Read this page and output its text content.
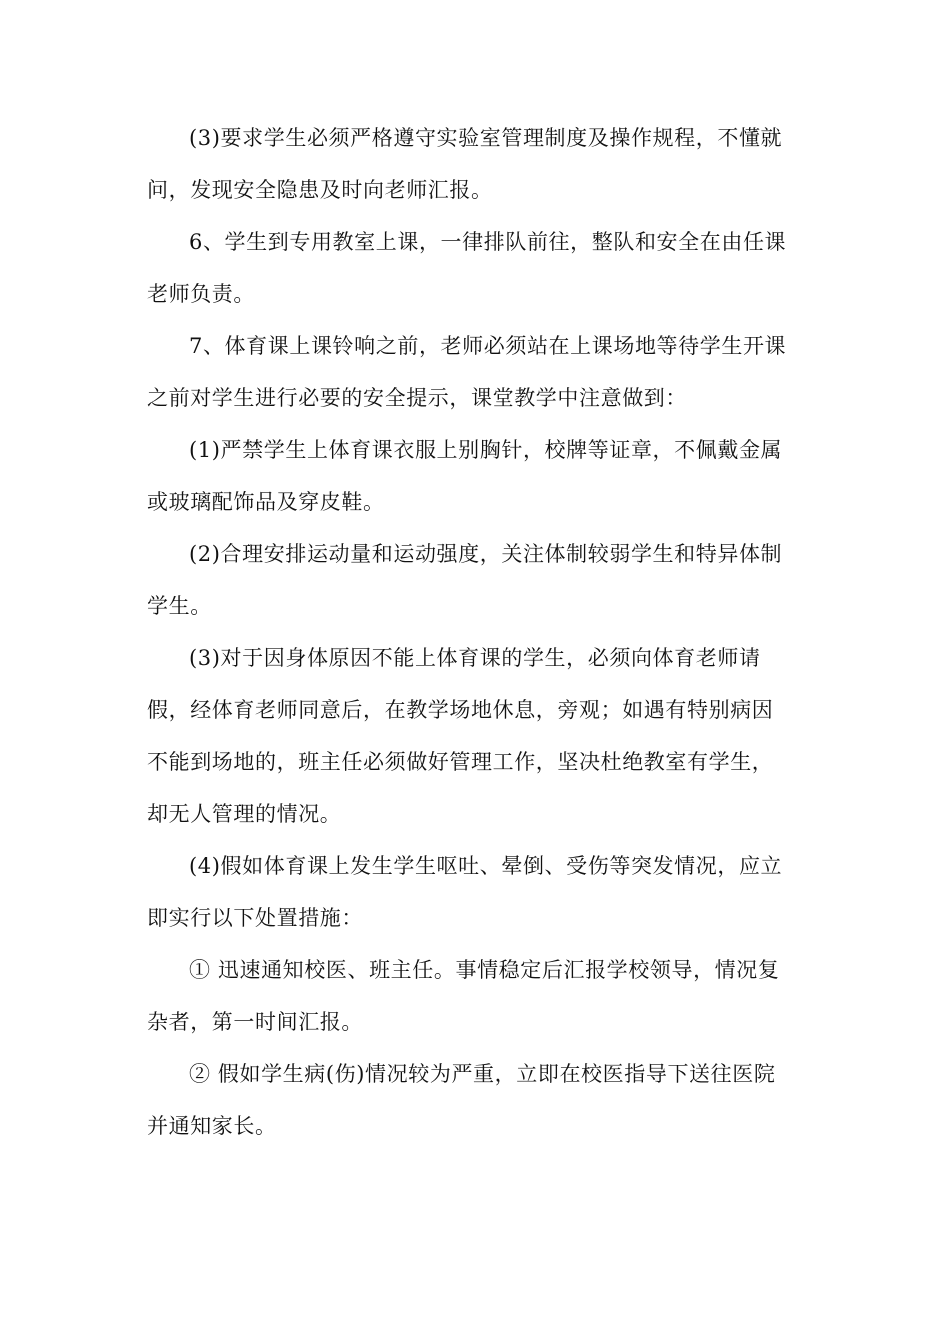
(3)要求学生必须严格遵守实验室管理制度及操作规程，不懂就
问，发现安全隐患及时向老师汇报。
6、学生到专用教室上课，一律排队前往，整队和安全在由任课
老师负责。
7、体育课上课铃响之前，老师必须站在上课场地等待学生开课
之前对学生进行必要的安全提示，课堂教学中注意做到：
(1)严禁学生上体育课衣服上别胸针，校牌等证章，不佩戴金属
或玻璃配饰品及穿皮鞋。
(2)合理安排运动量和运动强度，关注体制较弱学生和特异体制
学生。
(3)对于因身体原因不能上体育课的学生，必须向体育老师请
假，经体育老师同意后，在教学场地休息，旁观；如遇有特别病因
不能到场地的，班主任必须做好管理工作，坚决杜绝教室有学生，
却无人管理的情况。
(4)假如体育课上发生学生呕吐、晕倒、受伤等突发情况，应立
即实行以下处置措施：
① 迅速通知校医、班主任。事情稳定后汇报学校领导，情况复
杂者，第一时间汇报。
② 假如学生病(伤)情况较为严重，立即在校医指导下送往医院
并通知家长。
